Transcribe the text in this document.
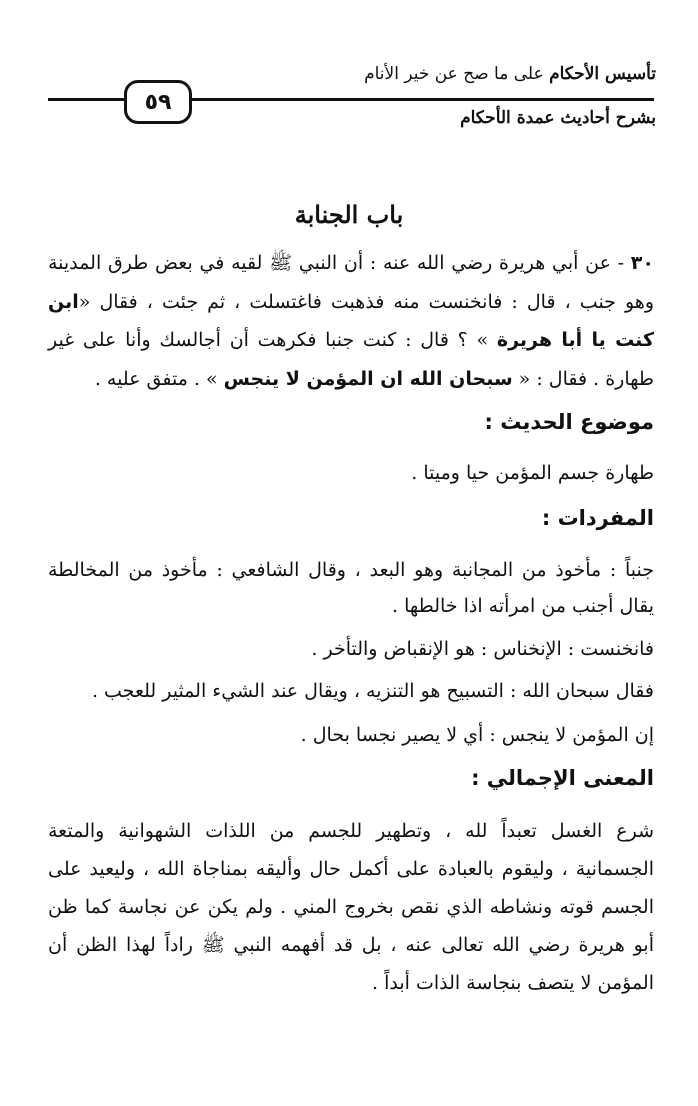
تأسيس الأحكام على ما صح عن خير الأنام
بشرح أحاديث عمدة الأحكام
٥٩
باب الجنابة
٣٠ - عن أبي هريرة رضي الله عنه : أن النبي ﷺ لقيه في بعض طرق المدينة وهو جنب ، قال : فانخنست منه فذهبت فاغتسلت ، ثم جئت ، فقال «ابن كنت يا أبا هريرة » ؟ قال : كنت جنبا فكرهت أن أجالسك وأنا على غير طهارة . فقال : « سبحان الله ان المؤمن لا ينجس » . متفق عليه .
موضوع الحديث :
طهارة جسم المؤمن حيا وميتا .
المفردات :
جنباً : مأخوذ من المجانبة وهو البعد ، وقال الشافعي : مأخوذ من المخالطة يقال أجنب من امرأته اذا خالطها .
فانخنست : الإنخناس : هو الإنقباض والتأخر .
فقال سبحان الله : التسبيح هو التنزيه ، ويقال عند الشيء المثير للعجب .
إن المؤمن لا ينجس : أي لا يصير نجسا بحال .
المعنى الإجمالي :
شرع الغسل تعبداً لله ، وتطهير للجسم من اللذات الشهوانية والمتعة الجسمانية ، وليقوم بالعبادة على أكمل حال وأليقه بمناجاة الله ، وليعيد على الجسم قوته ونشاطه الذي نقص بخروج المني . ولم يكن عن نجاسة كما ظن أبو هريرة رضي الله تعالى عنه ، بل قد أفهمه النبي ﷺ راداً لهذا الظن أن المؤمن لا يتصف بنجاسة الذات أبداً .
